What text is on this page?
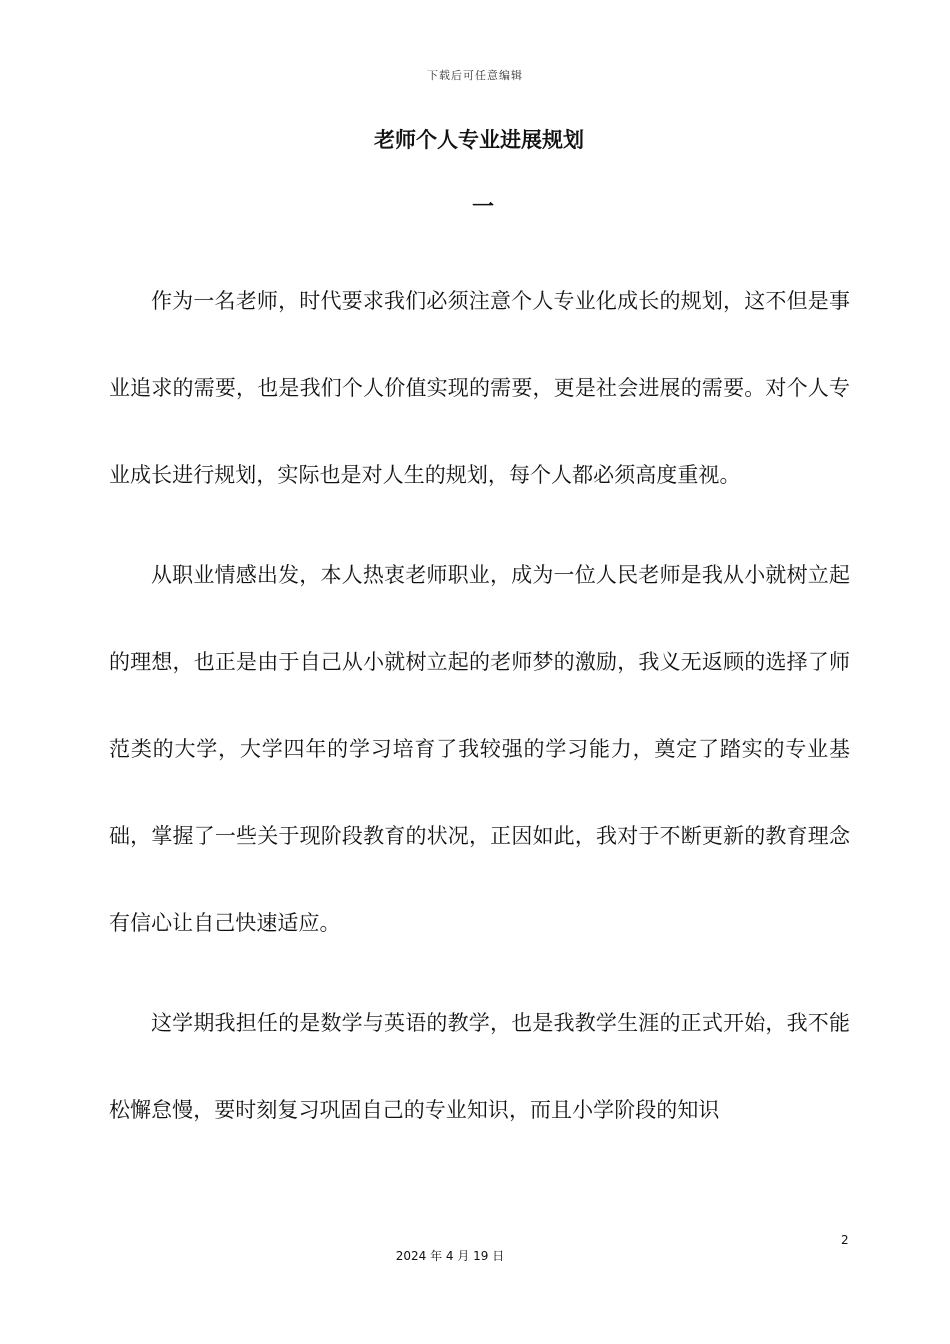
下载后可任意编辑
老师个人专业进展规划
一

作为一名老师，时代要求我们必须注意个人专业化成长的规划，这不但是事业追求的需要，也是我们个人价值实现的需要，更是社会进展的需要。对个人专业成长进行规划，实际也是对人生的规划，每个人都必须高度重视。

从职业情感出发，本人热衷老师职业，成为一位人民老师是我从小就树立起的理想，也正是由于自己从小就树立起的老师梦的激励，我义无返顾的选择了师范类的大学，大学四年的学习培育了我较强的学习能力，奠定了踏实的专业基础，掌握了一些关于现阶段教育的状况，正因如此，我对于不断更新的教育理念有信心让自己快速适应。

这学期我担任的是数学与英语的教学，也是我教学生涯的正式开始，我不能松懈怠慢，要时刻复习巩固自己的专业知识，而且小学阶段的知识

2
2024 年 4 月 19 日
